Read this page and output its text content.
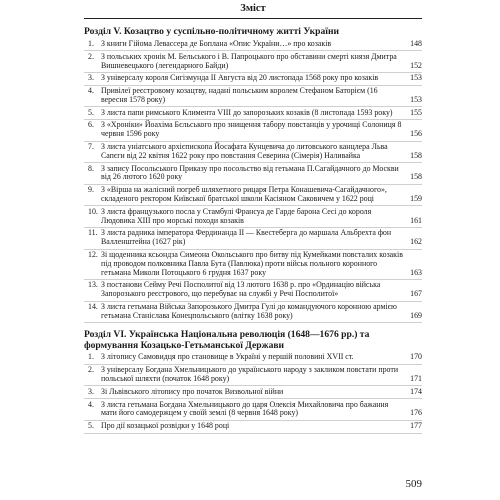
Зміст
Розділ V. Козацтво у суспільно-політичному житті України
1. З книги Гійома Левассера де Боплана «Опис України…» про козаків	148
2. З польських хронік М. Бельського і В. Папроцького про обставини смерті князя Дмитра Вишневецького (легендарного Байди)	152
3. З універсалу короля Сигізмунда ІІ Августа від 20 листопада 1568 року про козаків	153
4. Привілеї реєстровому козацтву, надані польським королем Стефаном Баторієм (16 вересня 1578 року)	153
5. З листа папи римського Климента VIII до запорозьких козаків (8 листопада 1593 року)	155
6. З «Хроніки» Йоахіма Бєльського про знищення табору повстанців у урочищі Солониця 8 червня 1596 року	156
7. З листа уніатського архієпископа Йосафата Кунцевича до литовського канцлера Льва Сапєги від 22 квітня 1622 року про повстання Северина (Сімерія) Наливайка	158
8. З запису Посольського Приказу про посольство від гетьмана П.Сагайдачного до Москви від 26 лютого 1620 року	158
9. З «Вірша на жалісний погреб шляхетного рицаря Петра Конашевича-Сагайдачного», складеного ректором Київської братської школи Касіяном Саковичем у 1622 році	159
10. З листа французького посла у Стамбулі Франсуа де Гарде барона Сесі до короля Людовика ХІІІ про морські походи козаків	161
11. З листа радника імператора Фердинанда ІІ — Квестеберга до маршала Альбрехта фон Валленштейна (1627 рік)	162
12. Зі щоденника ксьондза Симеона Окольського про битву під Кумейками повсталих козаків під проводом полковника Павла Бута (Павлюка) проти військ польного коронного гетьмана Миколи Потоцького 6 грудня 1637 року	163
13. З постанови Сейму Речі Посполитої від 13 лютого 1638 р. про «Ординацію війська Запорозького реєстрового, що перебуває на службі у Речі Посполитої»	167
14. З листа гетьмана Війська Запорозького Дмитра Гулі до командуючого коронною армією гетьмана Станіслава Конецпольського (влітку 1638 року)	169
Розділ VI. Українська Національна революція (1648—1676 рр.) та формування Козацько-Гетьманської Держави
1. З літопису Самовидця про становище в Україні у першій половині XVII ст.	170
2. З універсалу Богдана Хмельницького до українського народу з закликом повстати проти польської шляхти (початок 1648 року)	171
3. Зі Львівського літопису про початок Визвольної війни	174
4. З листа гетьмана Богдана Хмельницького до царя Олексія Михайловича про бажання мати його самодержцем у своїй землі (8 червня 1648 року)	176
5. Про дії козацької розвідки у 1648 році	177
509
